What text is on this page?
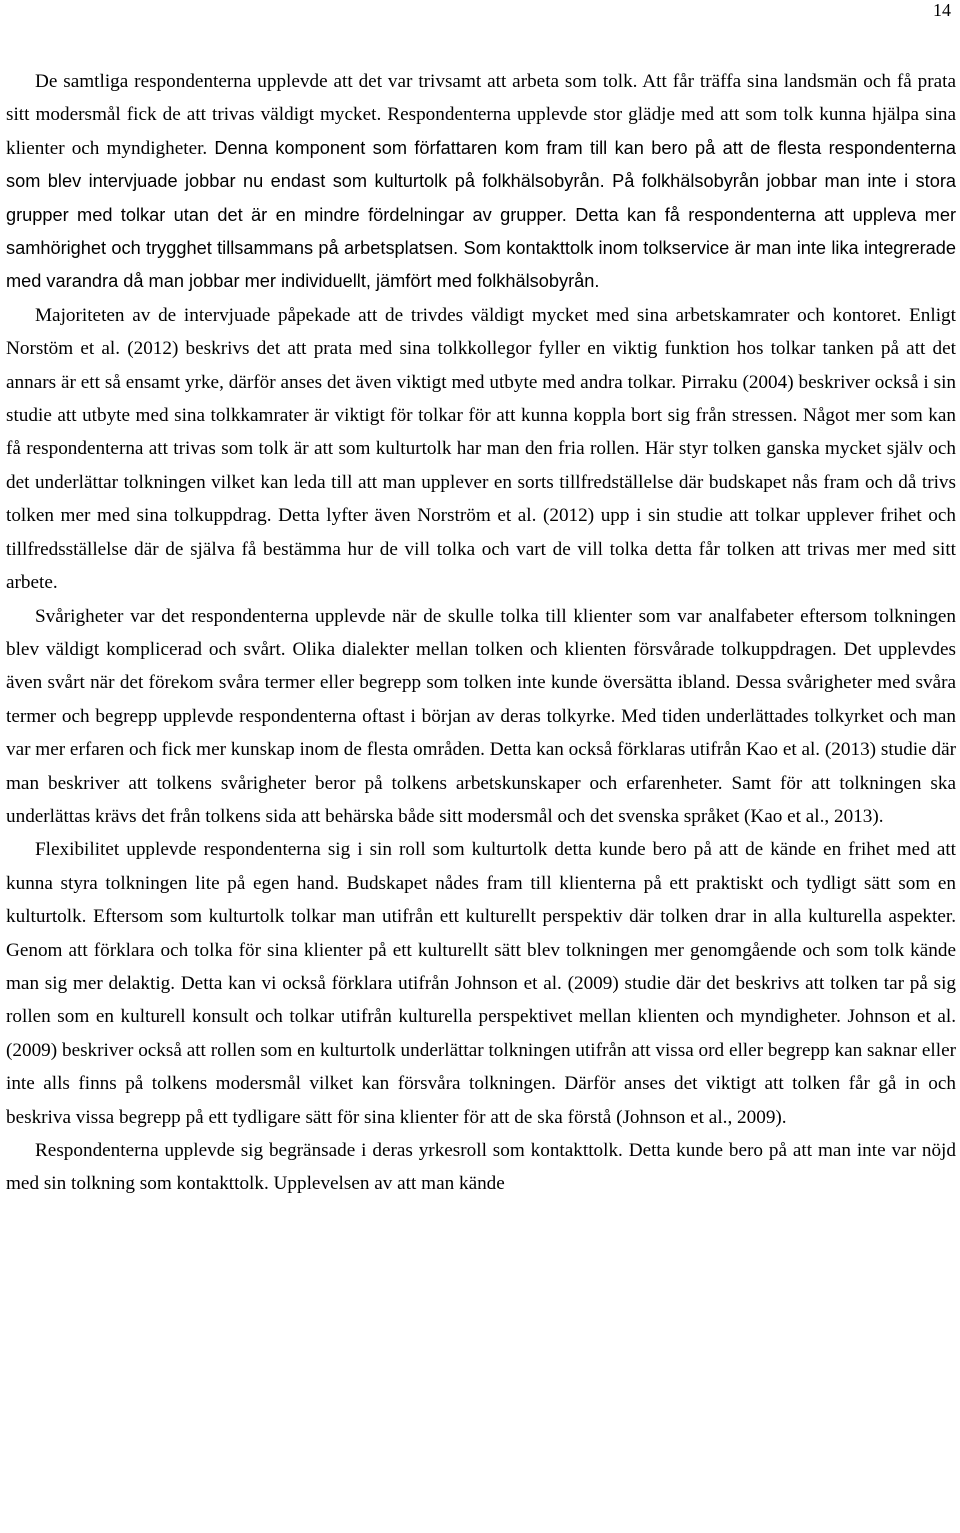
14

De samtliga respondenterna upplevde att det var trivsamt att arbeta som tolk. Att får träffa sina landsmän och få prata sitt modersmål fick de att trivas väldigt mycket. Respondenterna upplevde stor glädje med att som tolk kunna hjälpa sina klienter och myndigheter. Denna komponent som författaren kom fram till kan bero på att de flesta respondenterna som blev intervjuade jobbar nu endast som kulturtolk på folkhälsobyrån. På folkhälsobyrån jobbar man inte i stora grupper med tolkar utan det är en mindre fördelningar av grupper. Detta kan få respondenterna att uppleva mer samhörighet och trygghet tillsammans på arbetsplatsen. Som kontakttolk inom tolkservice är man inte lika integrerade med varandra då man jobbar mer individuellt, jämfört med folkhälsobyrån.

Majoriteten av de intervjuade påpekade att de trivdes väldigt mycket med sina arbetskamrater och kontoret. Enligt Norstöm et al. (2012) beskrivs det att prata med sina tolkkollegor fyller en viktig funktion hos tolkar tanken på att det annars är ett så ensamt yrke, därför anses det även viktigt med utbyte med andra tolkar. Pirraku (2004) beskriver också i sin studie att utbyte med sina tolkkamrater är viktigt för tolkar för att kunna koppla bort sig från stressen. Något mer som kan få respondenterna att trivas som tolk är att som kulturtolk har man den fria rollen. Här styr tolken ganska mycket själv och det underlättar tolkningen vilket kan leda till att man upplever en sorts tillfredställelse där budskapet nås fram och då trivs tolken mer med sina tolkuppdrag. Detta lyfter även Norström et al. (2012) upp i sin studie att tolkar upplever frihet och tillfredsställelse där de själva få bestämma hur de vill tolka och vart de vill tolka detta får tolken att trivas mer med sitt arbete.

Svårigheter var det respondenterna upplevde när de skulle tolka till klienter som var analfabeter eftersom tolkningen blev väldigt komplicerad och svårt. Olika dialekter mellan tolken och klienten försvårade tolkuppdragen. Det upplevdes även svårt när det förekom svåra termer eller begrepp som tolken inte kunde översätta ibland. Dessa svårigheter med svåra termer och begrepp upplevde respondenterna oftast i början av deras tolkyrke. Med tiden underlättades tolkyrket och man var mer erfaren och fick mer kunskap inom de flesta områden. Detta kan också förklaras utifrån Kao et al. (2013) studie där man beskriver att tolkens svårigheter beror på tolkens arbetskunskaper och erfarenheter. Samt för att tolkningen ska underlättas krävs det från tolkens sida att behärska både sitt modersmål och det svenska språket (Kao et al., 2013).

Flexibilitet upplevde respondenterna sig i sin roll som kulturtolk detta kunde bero på att de kände en frihet med att kunna styra tolkningen lite på egen hand. Budskapet nådes fram till klienterna på ett praktiskt och tydligt sätt som en kulturtolk. Eftersom som kulturtolk tolkar man utifrån ett kulturellt perspektiv där tolken drar in alla kulturella aspekter. Genom att förklara och tolka för sina klienter på ett kulturellt sätt blev tolkningen mer genomgående och som tolk kände man sig mer delaktig. Detta kan vi också förklara utifrån Johnson et al. (2009) studie där det beskrivs att tolken tar på sig rollen som en kulturell konsult och tolkar utifrån kulturella perspektivet mellan klienten och myndigheter. Johnson et al. (2009) beskriver också att rollen som en kulturtolk underlättar tolkningen utifrån att vissa ord eller begrepp kan saknar eller inte alls finns på tolkens modersmål vilket kan försvåra tolkningen. Därför anses det viktigt att tolken får gå in och beskriva vissa begrepp på ett tydligare sätt för sina klienter för att de ska förstå (Johnson et al., 2009).

Respondenterna upplevde sig begränsade i deras yrkesroll som kontakttolk. Detta kunde bero på att man inte var nöjd med sin tolkning som kontakttolk. Upplevelsen av att man kände
